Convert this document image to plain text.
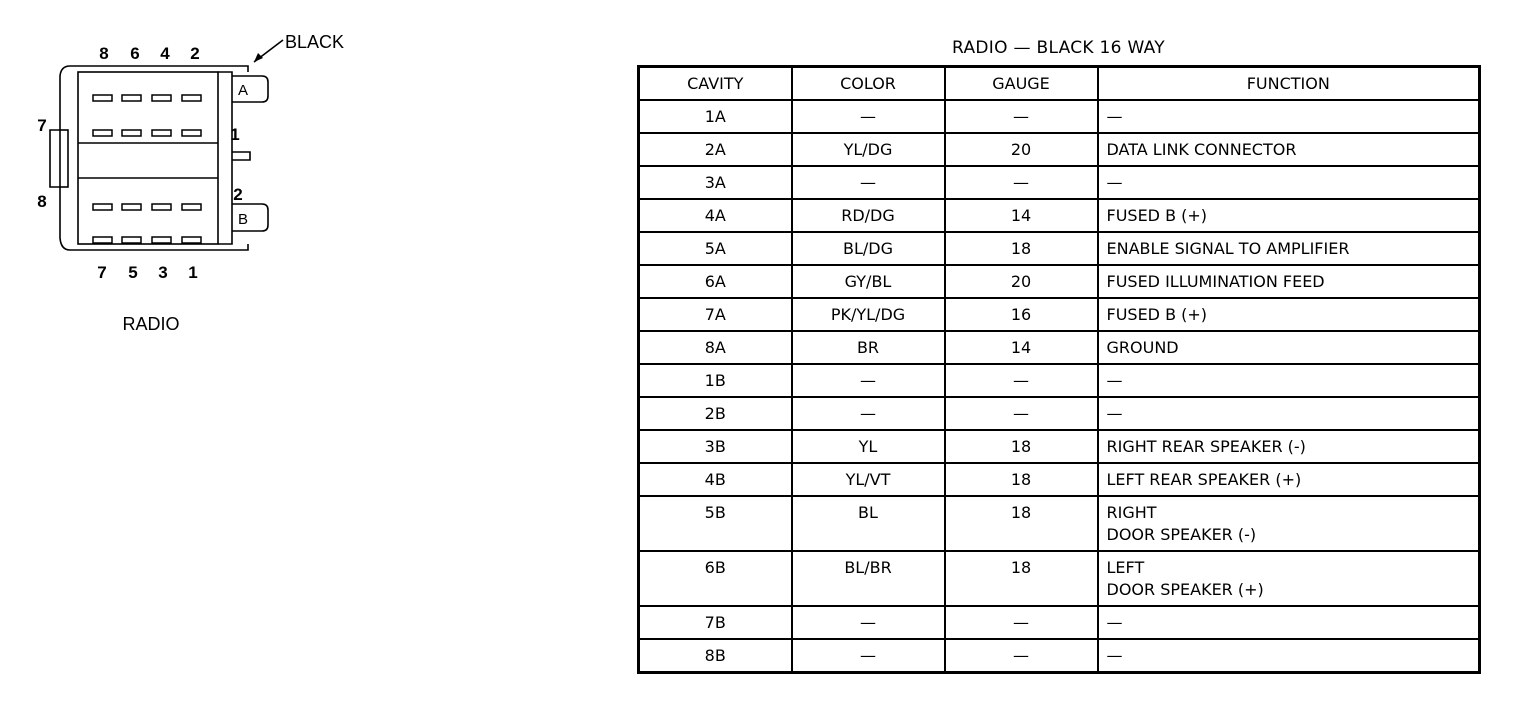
8 6 4 2
BLACK
A
B
7
8
1
2
7 5 3 1
RADIO
RADIO — BLACK 16 WAY
CAVITY	COLOR	GAUGE	FUNCTION
1A	—	—	—
2A	YL/DG	20	DATA LINK CONNECTOR
3A	—	—	—
4A	RD/DG	14	FUSED B (+)
5A	BL/DG	18	ENABLE SIGNAL TO AMPLIFIER
6A	GY/BL	20	FUSED ILLUMINATION FEED
7A	PK/YL/DG	16	FUSED B (+)
8A	BR	14	GROUND
1B	—	—	—
2B	—	—	—
3B	YL	18	RIGHT REAR SPEAKER (-)
4B	YL/VT	18	LEFT REAR SPEAKER (+)
5B	BL	18	RIGHT
DOOR SPEAKER (-)
6B	BL/BR	18	LEFT
DOOR SPEAKER (+)
7B	—	—	—
8B	—	—	—
